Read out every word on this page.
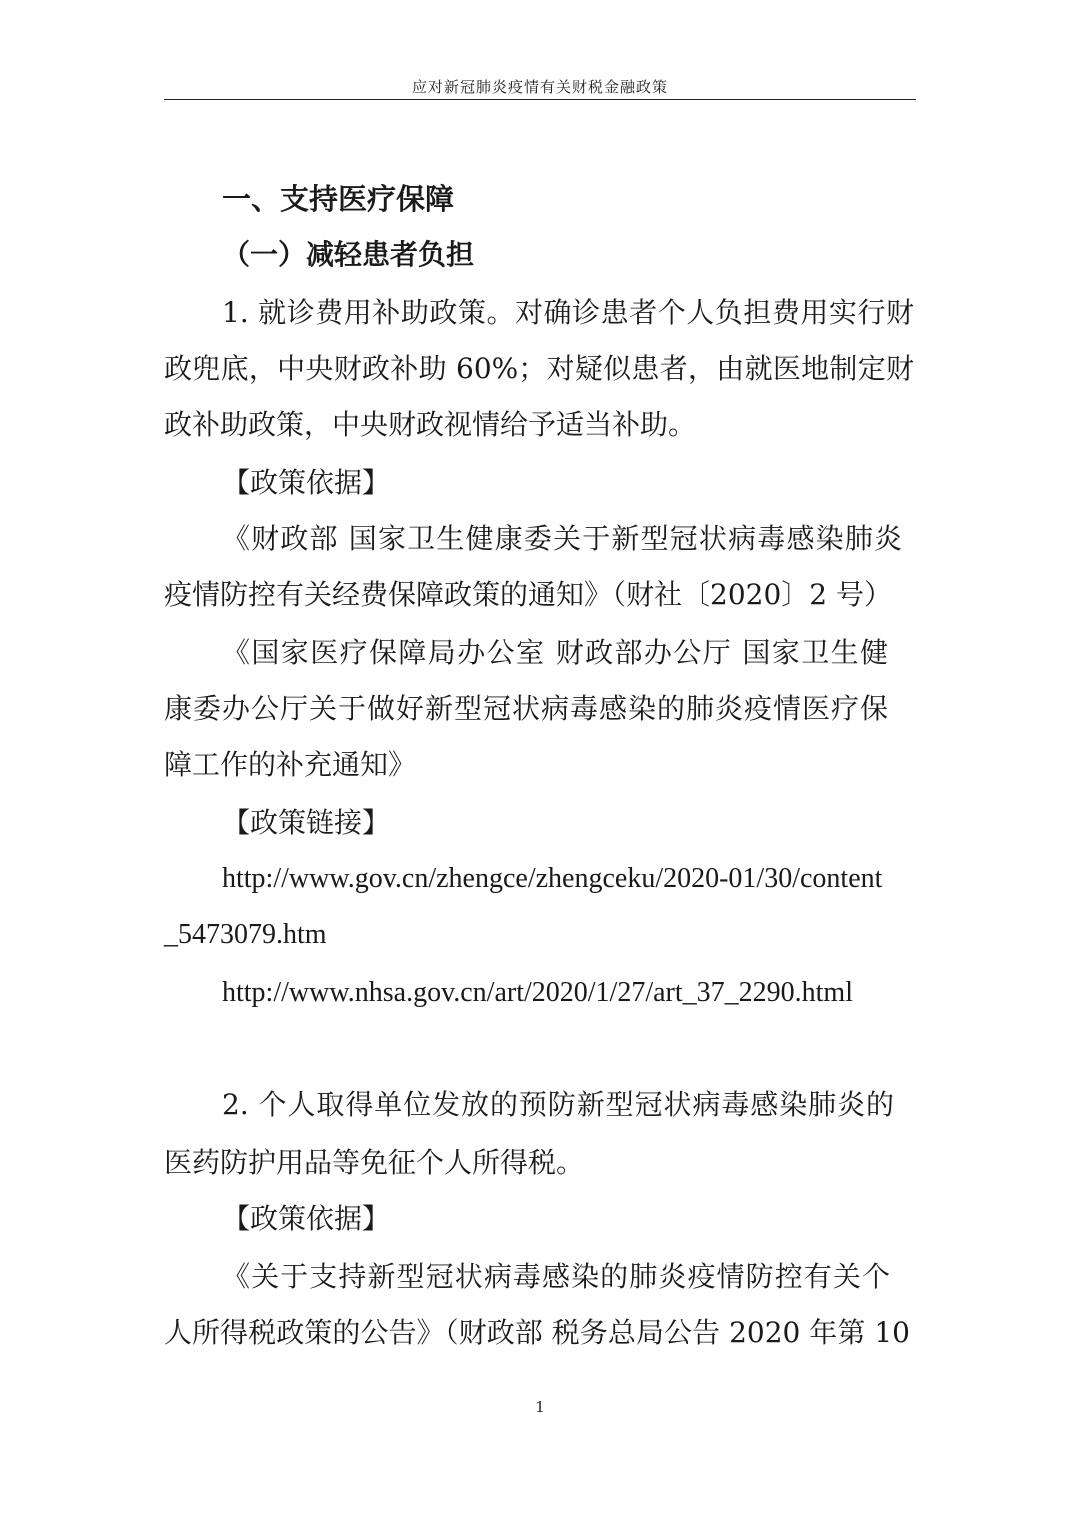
应对新冠肺炎疫情有关财税金融政策
一、支持医疗保障
（一）减轻患者负担
1. 就诊费用补助政策。对确诊患者个人负担费用实行财
政兜底，中央财政补助 60%；对疑似患者，由就医地制定财
政补助政策，中央财政视情给予适当补助。
【政策依据】
《财政部 国家卫生健康委关于新型冠状病毒感染肺炎
疫情防控有关经费保障政策的通知》（财社〔2020〕2 号）
《国家医疗保障局办公室 财政部办公厅 国家卫生健
康委办公厅关于做好新型冠状病毒感染的肺炎疫情医疗保
障工作的补充通知》
【政策链接】
http://www.gov.cn/zhengce/zhengceku/2020-01/30/content
_5473079.htm
http://www.nhsa.gov.cn/art/2020/1/27/art_37_2290.html
2. 个人取得单位发放的预防新型冠状病毒感染肺炎的
医药防护用品等免征个人所得税。
【政策依据】
《关于支持新型冠状病毒感染的肺炎疫情防控有关个
人所得税政策的公告》（财政部 税务总局公告 2020 年第 10
1
